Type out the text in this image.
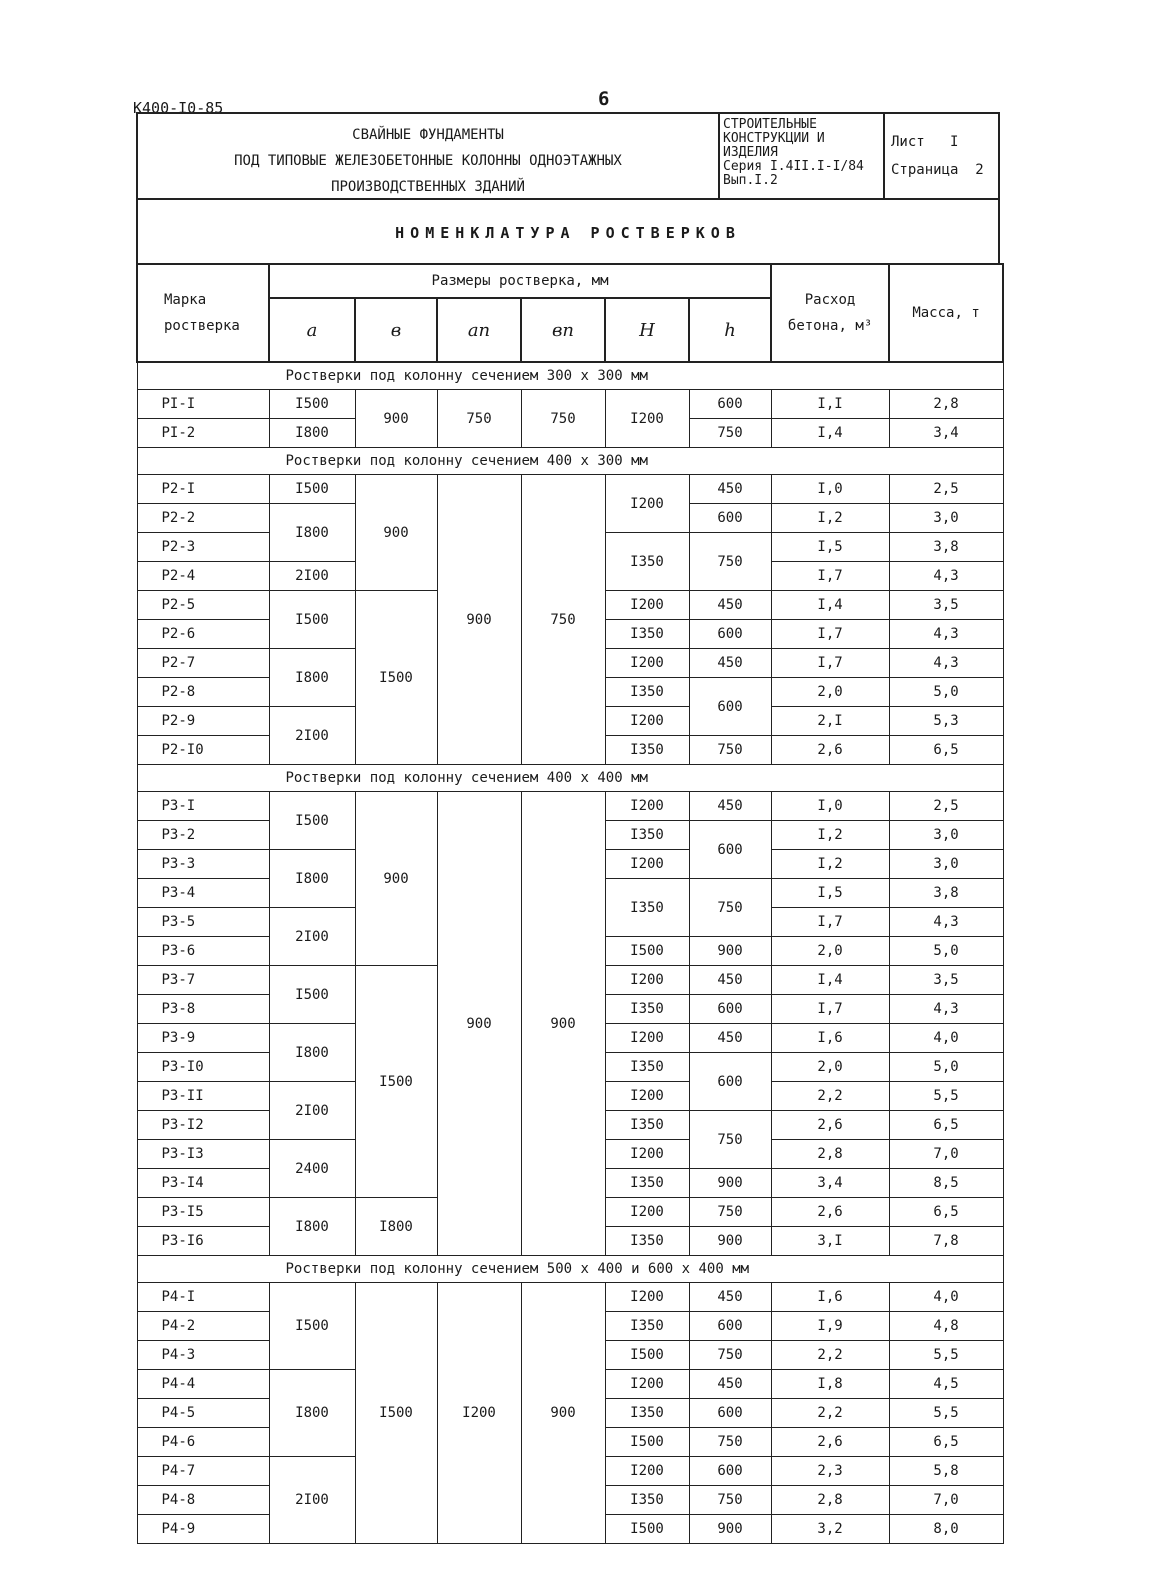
К400-I0-85	6
СВАЙНЫЕ ФУНДАМЕНТЫ
ПОД ТИПОВЫЕ ЖЕЛЕЗОБЕТОННЫЕ КОЛОННЫ ОДНОЭТАЖНЫХ
ПРОИЗВОДСТВЕННЫХ ЗДАНИЙ
СТРОИТЕЛЬНЫЕ
КОНСТРУКЦИИ И
ИЗДЕЛИЯ
Серия I.4II.I-I/84
Вып.I.2
Лист I
Страница 2
НОМЕНКЛАТУРА РОСТВЕРКОВ
Марка ростверка	Размеры ростверка, мм						Расход бетона, м³	Масса, т
	a	в	aп	вп	H	h		
Ростверки под колонну сечением 300 х 300 мм								
PI-I	I500	900	750	750	I200	600	I,I	2,8
PI-2	I800					750	I,4	3,4
Ростверки под колонну сечением 400 х 300 мм								
P2-I	I500	900	900	750	I200	450	I,0	2,5
P2-2	I800					600	I,2	3,0
P2-3					I350	750	I,5	3,8
P2-4	2I00						I,7	4,3
P2-5	I500	I500			I200	450	I,4	3,5
P2-6					I350	600	I,7	4,3
P2-7	I800				I200	450	I,7	4,3
P2-8					I350	600	2,0	5,0
P2-9	2I00				I200		2,I	5,3
P2-I0					I350	750	2,6	6,5
Ростверки под колонну сечением 400 х 400 мм								
P3-I	I500	900	900	900	I200	450	I,0	2,5
P3-2					I350	600	I,2	3,0
P3-3	I800				I200		I,2	3,0
P3-4					I350	750	I,5	3,8
P3-5	2I00						I,7	4,3
P3-6					I500	900	2,0	5,0
P3-7	I500	I500			I200	450	I,4	3,5
P3-8					I350	600	I,7	4,3
P3-9	I800				I200	450	I,6	4,0
P3-I0					I350	600	2,0	5,0
P3-II	2I00				I200		2,2	5,5
P3-I2					I350	750	2,6	6,5
P3-I3	2400				I200		2,8	7,0
P3-I4					I350	900	3,4	8,5
P3-I5	I800	I800			I200	750	2,6	6,5
P3-I6					I350	900	3,I	7,8
Ростверки под колонну сечением 500 х 400 и 600 х 400 мм								
P4-I	I500	I500	I200	900	I200	450	I,6	4,0
P4-2					I350	600	I,9	4,8
P4-3					I500	750	2,2	5,5
P4-4	I800				I200	450	I,8	4,5
P4-5					I350	600	2,2	5,5
P4-6					I500	750	2,6	6,5
P4-7	2I00				I200	600	2,3	5,8
P4-8					I350	750	2,8	7,0
P4-9					I500	900	3,2	8,0
